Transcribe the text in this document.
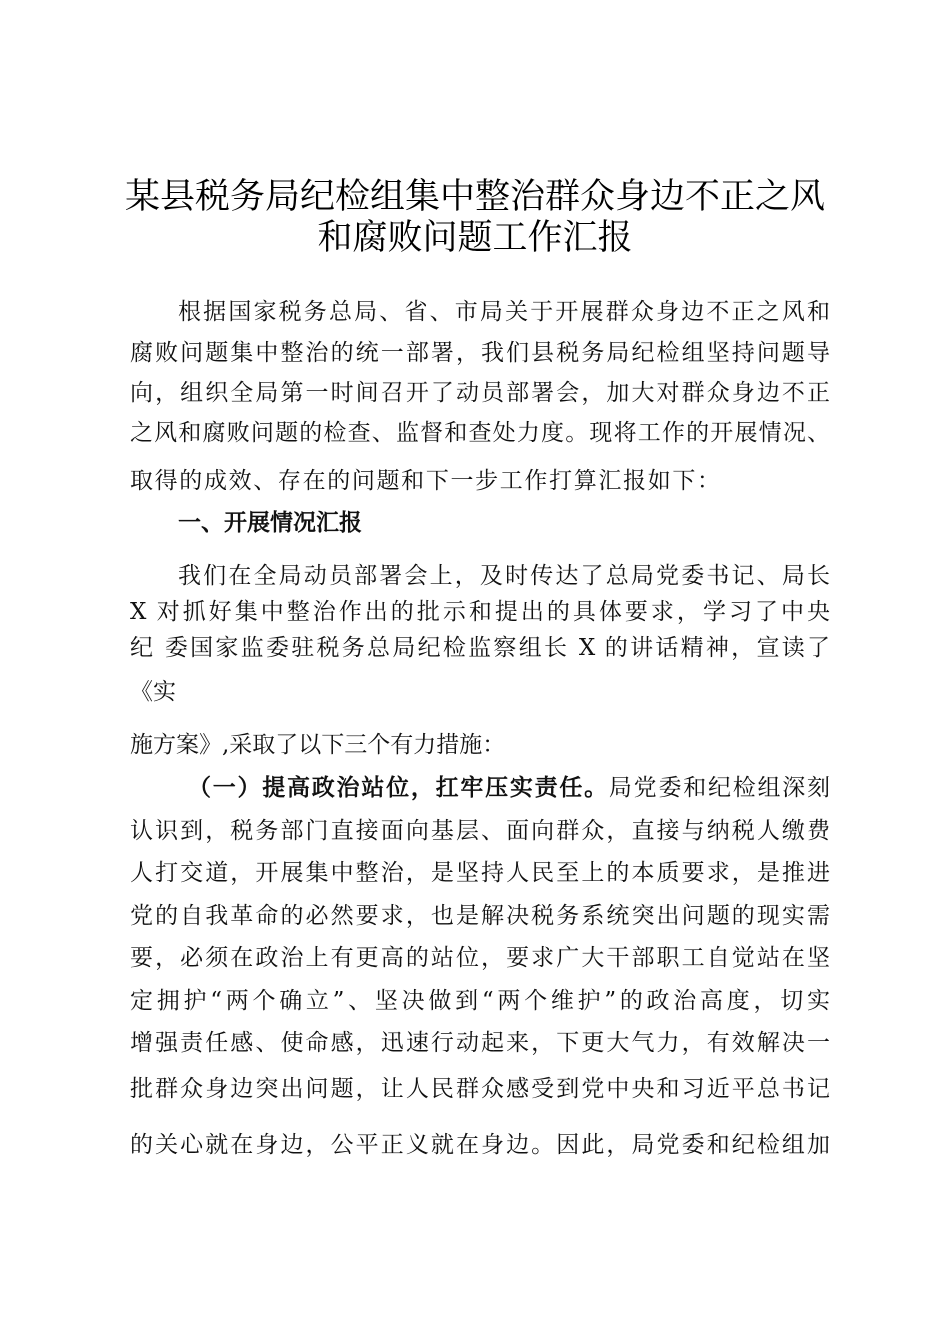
某县税务局纪检组集中整治群众身边不正之风
和腐败问题工作汇报
根据国家税务总局、省、市局关于开展群众身边不正之风和
腐败问题集中整治的统一部署，我们县税务局纪检组坚持问题导
向，组织全局第一时间召开了动员部署会，加大对群众身边不正
之风和腐败问题的检查、监督和查处力度。现将工作的开展情况、
取得的成效、存在的问题和下一步工作打算汇报如下：
一、开展情况汇报
我们在全局动员部署会上，及时传达了总局党委书记、局长
X 对抓好集中整治作出的批示和提出的具体要求，学习了中央
纪 委国家监委驻税务总局纪检监察组长 X 的讲话精神，宣读了
《实
施方案》,采取了以下三个有力措施：
（一）提高政治站位，扛牢压实责任。局党委和纪检组深刻
认识到，税务部门直接面向基层、面向群众，直接与纳税人缴费
人打交道，开展集中整治，是坚持人民至上的本质要求，是推进
党的自我革命的必然要求，也是解决税务系统突出问题的现实需
要，必须在政治上有更高的站位，要求广大干部职工自觉站在坚
定拥护“两个确立”、坚决做到“两个维护”的政治高度，切实
增强责任感、使命感，迅速行动起来，下更大气力，有效解决一
批群众身边突出问题，让人民群众感受到党中央和习近平总书记
的关心就在身边，公平正义就在身边。因此，局党委和纪检组加
